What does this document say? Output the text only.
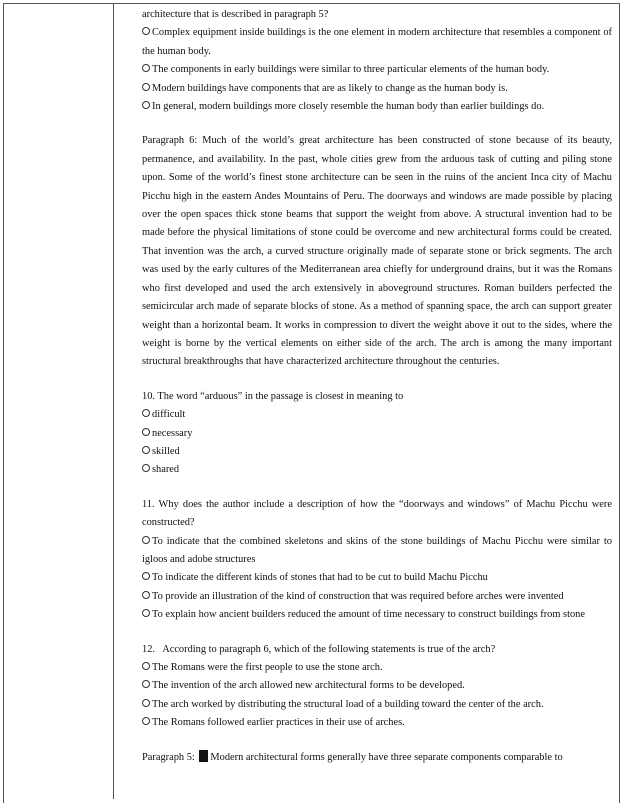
architecture that is described in paragraph 5?

Complex equipment inside buildings is the one element in modern architecture that resembles a component of the human body.

The components in early buildings were similar to three particular elements of the human body.

Modern buildings have components that are as likely to change as the human body is.

In general, modern buildings more closely resemble the human body than earlier buildings do.

Paragraph 6: Much of the world’s great architecture has been constructed of stone because of its beauty, permanence, and availability. In the past, whole cities grew from the arduous task of cutting and piling stone upon. Some of the world’s finest stone architecture can be seen in the ruins of the ancient Inca city of Machu Picchu high in the eastern Andes Mountains of Peru. The doorways and windows are made possible by placing over the open spaces thick stone beams that support the weight from above. A structural invention had to be made before the physical limitations of stone could be overcome and new architectural forms could be created. That invention was the arch, a curved structure originally made of separate stone or brick segments. The arch was used by the early cultures of the Mediterranean area chiefly for underground drains, but it was the Romans who first developed and used the arch extensively in aboveground structures. Roman builders perfected the semicircular arch made of separate blocks of stone. As a method of spanning space, the arch can support greater weight than a horizontal beam. It works in compression to divert the weight above it out to the sides, where the weight is borne by the vertical elements on either side of the arch. The arch is among the many important structural breakthroughs that have characterized architecture throughout the centuries.

10. The word “arduous” in the passage is closest in meaning to

difficult

necessary

skilled

shared

11. Why does the author include a description of how the “doorways and windows” of Machu Picchu were constructed?

To indicate that the combined skeletons and skins of the stone buildings of Machu Picchu were similar to igloos and adobe structures

To indicate the different kinds of stones that had to be cut to build Machu Picchu

To provide an illustration of the kind of construction that was required before arches were invented

To explain how ancient builders reduced the amount of time necessary to construct buildings from stone

12.   According to paragraph 6, which of the following statements is true of the arch?

The Romans were the first people to use the stone arch.

The invention of the arch allowed new architectural forms to be developed.

The arch worked by distributing the structural load of a building toward the center of the arch.

The Romans followed earlier practices in their use of arches.

Paragraph 5: Modern architectural forms generally have three separate components comparable to
